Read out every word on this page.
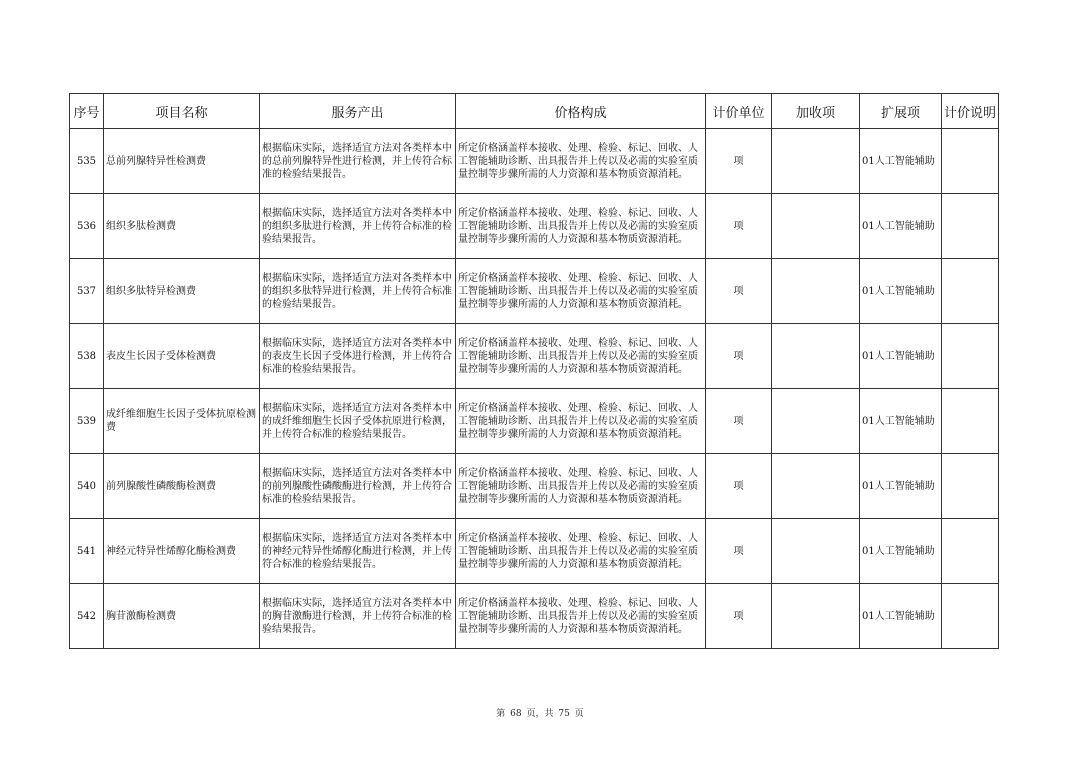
序号	项目名称	服务产出	价格构成	计价单位	加收项	扩展项	计价说明
535	总前列腺特异性检测费	根据临床实际，选择适宜方法对各类样本中的总前列腺特异性进行检测，并上传符合标准的检验结果报告。	所定价格涵盖样本接收、处理、检验、标记、回收、人工智能辅助诊断、出具报告并上传以及必需的实验室质量控制等步骤所需的人力资源和基本物质资源消耗。	项		01人工智能辅助	
536	组织多肽检测费	根据临床实际，选择适宜方法对各类样本中的组织多肽进行检测，并上传符合标准的检验结果报告。	所定价格涵盖样本接收、处理、检验、标记、回收、人工智能辅助诊断、出具报告并上传以及必需的实验室质量控制等步骤所需的人力资源和基本物质资源消耗。	项		01人工智能辅助	
537	组织多肽特异检测费	根据临床实际，选择适宜方法对各类样本中的组织多肽特异进行检测，并上传符合标准的检验结果报告。	所定价格涵盖样本接收、处理、检验、标记、回收、人工智能辅助诊断、出具报告并上传以及必需的实验室质量控制等步骤所需的人力资源和基本物质资源消耗。	项		01人工智能辅助	
538	表皮生长因子受体检测费	根据临床实际，选择适宜方法对各类样本中的表皮生长因子受体进行检测，并上传符合标准的检验结果报告。	所定价格涵盖样本接收、处理、检验、标记、回收、人工智能辅助诊断、出具报告并上传以及必需的实验室质量控制等步骤所需的人力资源和基本物质资源消耗。	项		01人工智能辅助	
539	成纤维细胞生长因子受体抗原检测费	根据临床实际，选择适宜方法对各类样本中的成纤维细胞生长因子受体抗原进行检测，并上传符合标准的检验结果报告。	所定价格涵盖样本接收、处理、检验、标记、回收、人工智能辅助诊断、出具报告并上传以及必需的实验室质量控制等步骤所需的人力资源和基本物质资源消耗。	项		01人工智能辅助	
540	前列腺酸性磷酸酶检测费	根据临床实际，选择适宜方法对各类样本中的前列腺酸性磷酸酶进行检测，并上传符合标准的检验结果报告。	所定价格涵盖样本接收、处理、检验、标记、回收、人工智能辅助诊断、出具报告并上传以及必需的实验室质量控制等步骤所需的人力资源和基本物质资源消耗。	项		01人工智能辅助	
541	神经元特异性烯醇化酶检测费	根据临床实际，选择适宜方法对各类样本中的神经元特异性烯醇化酶进行检测，并上传符合标准的检验结果报告。	所定价格涵盖样本接收、处理、检验、标记、回收、人工智能辅助诊断、出具报告并上传以及必需的实验室质量控制等步骤所需的人力资源和基本物质资源消耗。	项		01人工智能辅助	
542	胸苷激酶检测费	根据临床实际，选择适宜方法对各类样本中的胸苷激酶进行检测，并上传符合标准的检验结果报告。	所定价格涵盖样本接收、处理、检验、标记、回收、人工智能辅助诊断、出具报告并上传以及必需的实验室质量控制等步骤所需的人力资源和基本物质资源消耗。	项		01人工智能辅助	
第 68 页，共 75 页
